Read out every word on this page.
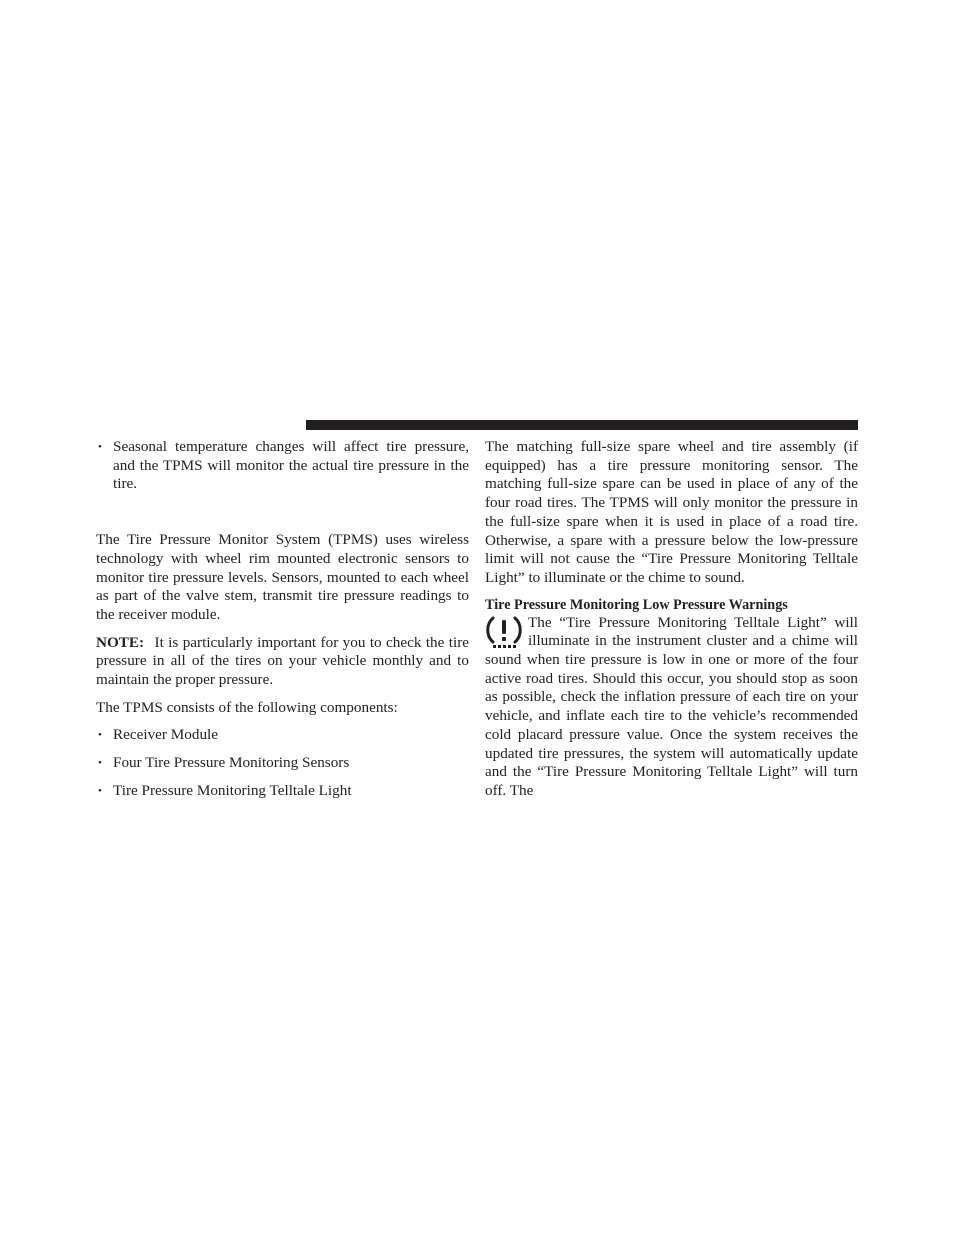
• Seasonal temperature changes will affect tire pressure, and the TPMS will monitor the actual tire pressure in the tire.

The Tire Pressure Monitor System (TPMS) uses wireless technology with wheel rim mounted electronic sensors to monitor tire pressure levels. Sensors, mounted to each wheel as part of the valve stem, transmit tire pressure readings to the receiver module.

NOTE: It is particularly important for you to check the tire pressure in all of the tires on your vehicle monthly and to maintain the proper pressure.

The TPMS consists of the following components:

• Receiver Module
• Four Tire Pressure Monitoring Sensors
• Tire Pressure Monitoring Telltale Light

The matching full-size spare wheel and tire assembly (if equipped) has a tire pressure monitoring sensor. The matching full-size spare can be used in place of any of the four road tires. The TPMS will only monitor the pressure in the full-size spare when it is used in place of a road tire. Otherwise, a spare with a pressure below the low-pressure limit will not cause the “Tire Pressure Monitoring Telltale Light” to illuminate or the chime to sound.

Tire Pressure Monitoring Low Pressure Warnings

The “Tire Pressure Monitoring Telltale Light” will illuminate in the instrument cluster and a chime will sound when tire pressure is low in one or more of the four active road tires. Should this occur, you should stop as soon as possible, check the inflation pressure of each tire on your vehicle, and inflate each tire to the vehicle’s recommended cold placard pressure value. Once the system receives the updated tire pressures, the system will automatically update and the “Tire Pressure Monitoring Telltale Light” will turn off. The
